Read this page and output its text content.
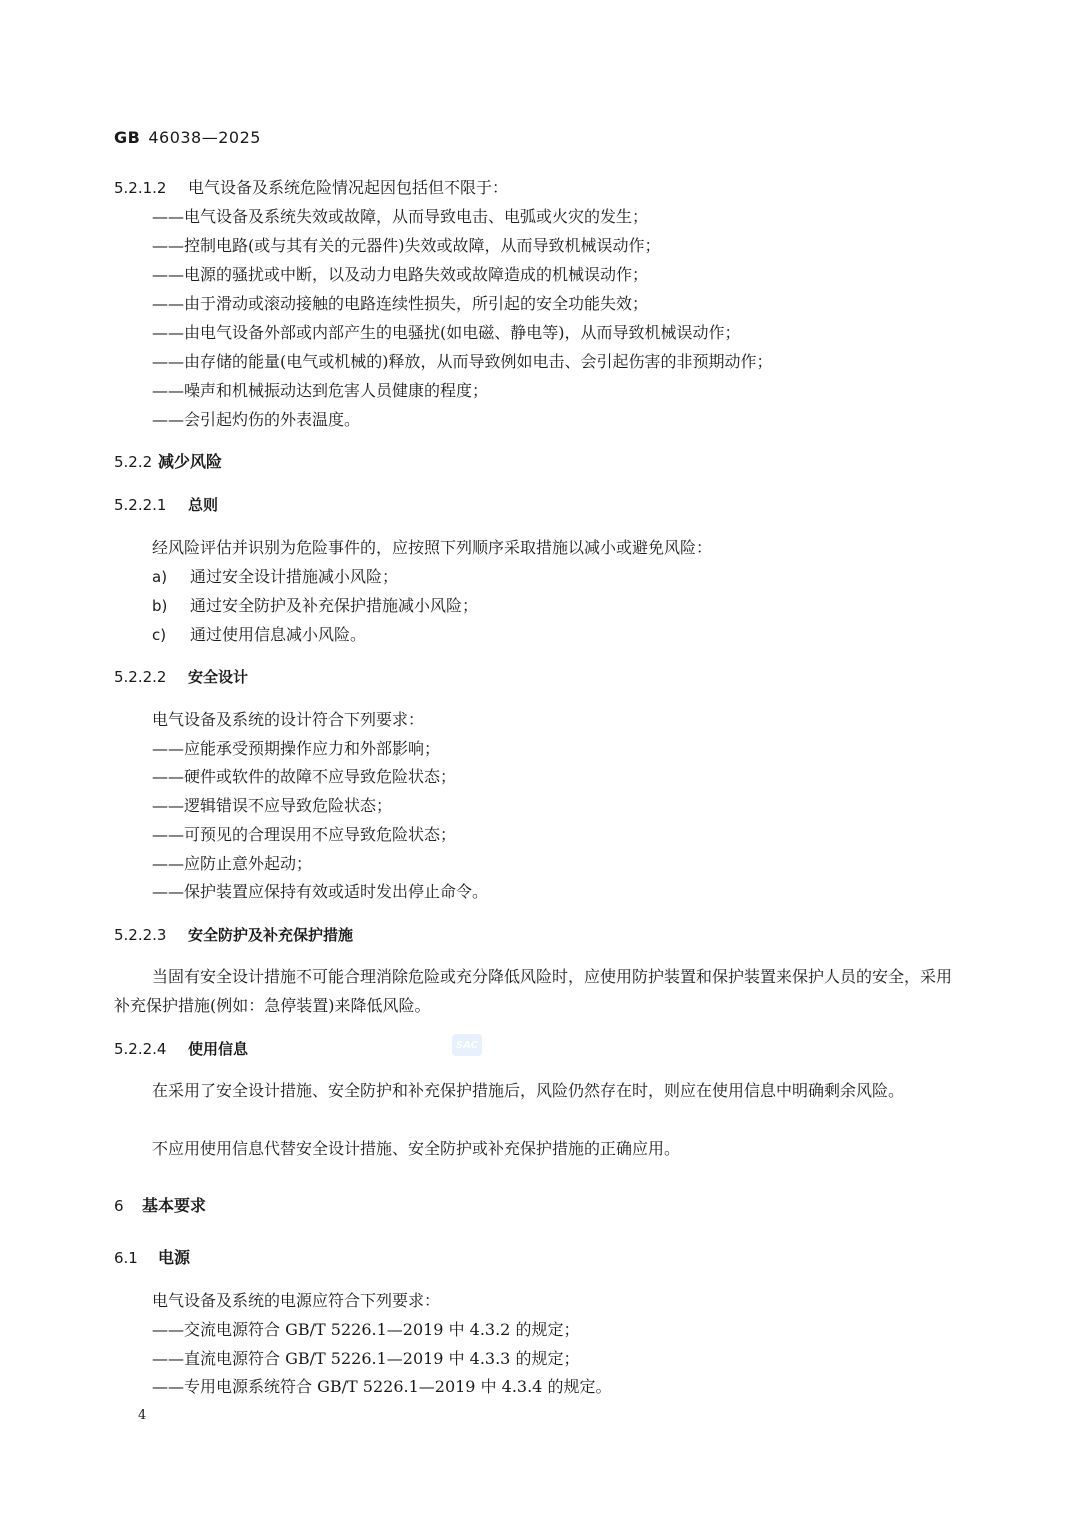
GB 46038—2025
5.2.1.2 电气设备及系统危险情况起因包括但不限于：
——电气设备及系统失效或故障，从而导致电击、电弧或火灾的发生；
——控制电路(或与其有关的元器件)失效或故障，从而导致机械误动作；
——电源的骚扰或中断，以及动力电路失效或故障造成的机械误动作；
——由于滑动或滚动接触的电路连续性损失，所引起的安全功能失效；
——由电气设备外部或内部产生的电骚扰(如电磁、静电等)，从而导致机械误动作；
——由存储的能量(电气或机械的)释放，从而导致例如电击、会引起伤害的非预期动作；
——噪声和机械振动达到危害人员健康的程度；
——会引起灼伤的外表温度。
5.2.2 减少风险
5.2.2.1 总则
经风险评估并识别为危险事件的，应按照下列顺序采取措施以减小或避免风险：
a) 通过安全设计措施减小风险；
b) 通过安全防护及补充保护措施减小风险；
c) 通过使用信息减小风险。
5.2.2.2 安全设计
电气设备及系统的设计符合下列要求：
——应能承受预期操作应力和外部影响；
——硬件或软件的故障不应导致危险状态；
——逻辑错误不应导致危险状态；
——可预见的合理误用不应导致危险状态；
——应防止意外起动；
——保护装置应保持有效或适时发出停止命令。
5.2.2.3 安全防护及补充保护措施
当固有安全设计措施不可能合理消除危险或充分降低风险时，应使用防护装置和保护装置来保护人员的安全，采用补充保护措施(例如：急停装置)来降低风险。
5.2.2.4 使用信息
在采用了安全设计措施、安全防护和补充保护措施后，风险仍然存在时，则应在使用信息中明确剩余风险。
不应用使用信息代替安全设计措施、安全防护或补充保护措施的正确应用。
6 基本要求
6.1 电源
电气设备及系统的电源应符合下列要求：
——交流电源符合 GB/T 5226.1—2019 中 4.3.2 的规定；
——直流电源符合 GB/T 5226.1—2019 中 4.3.3 的规定；
——专用电源系统符合 GB/T 5226.1—2019 中 4.3.4 的规定。
SAC
4
